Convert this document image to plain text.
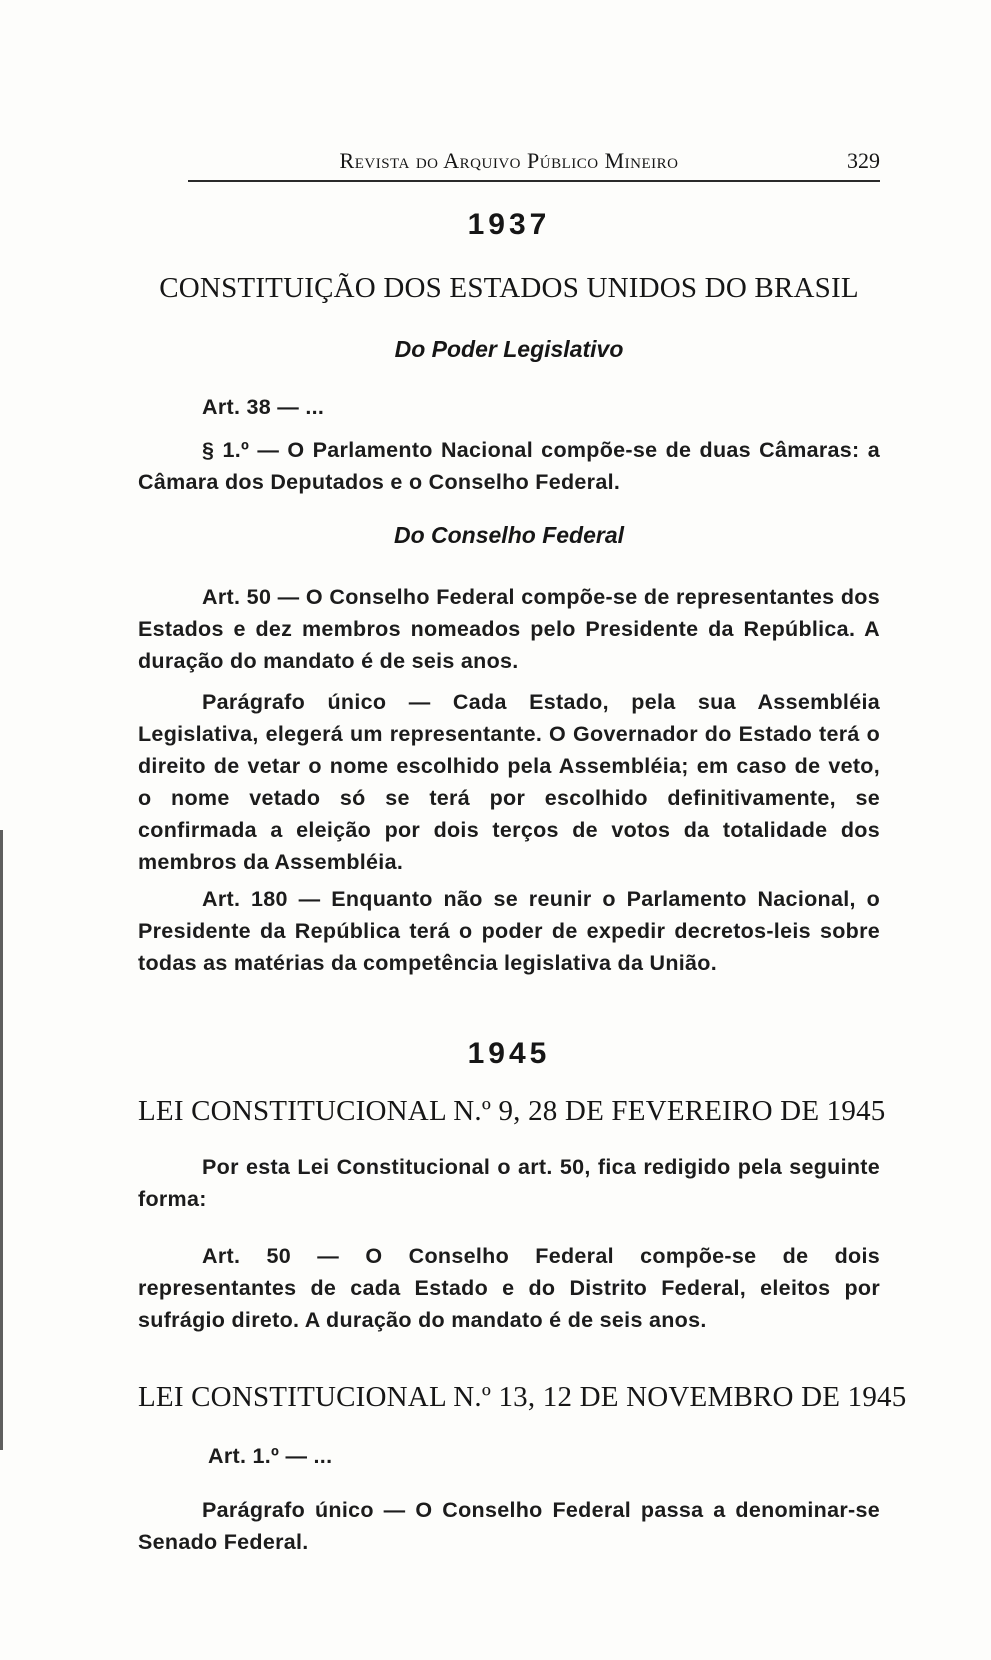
Revista do Arquivo Público Mineiro	329
1937
CONSTITUIÇÃO DOS ESTADOS UNIDOS DO BRASIL
Do Poder Legislativo
Art. 38 — ...
§ 1.º — O Parlamento Nacional compõe-se de duas Câmaras: a Câmara dos Deputados e o Conselho Federal.
Do Conselho Federal
Art. 50 — O Conselho Federal compõe-se de representantes dos Estados e dez membros nomeados pelo Presidente da República. A duração do mandato é de seis anos.
Parágrafo único — Cada Estado, pela sua Assembléia Legislativa, elegerá um representante. O Governador do Estado terá o direito de vetar o nome escolhido pela Assembléia; em caso de veto, o nome vetado só se terá por escolhido definitivamente, se confirmada a eleição por dois terços de votos da totalidade dos membros da Assembléia.
Art. 180 — Enquanto não se reunir o Parlamento Nacional, o Presidente da República terá o poder de expedir decretos-leis sobre todas as matérias da competência legislativa da União.
1945
LEI CONSTITUCIONAL N.º 9, 28 DE FEVEREIRO DE 1945
Por esta Lei Constitucional o art. 50, fica redigido pela seguinte forma:
Art. 50 — O Conselho Federal compõe-se de dois representantes de cada Estado e do Distrito Federal, eleitos por sufrágio direto. A duração do mandato é de seis anos.
LEI CONSTITUCIONAL N.º 13, 12 DE NOVEMBRO DE 1945
Art. 1.º — ...
Parágrafo único — O Conselho Federal passa a denominar-se Senado Federal.
